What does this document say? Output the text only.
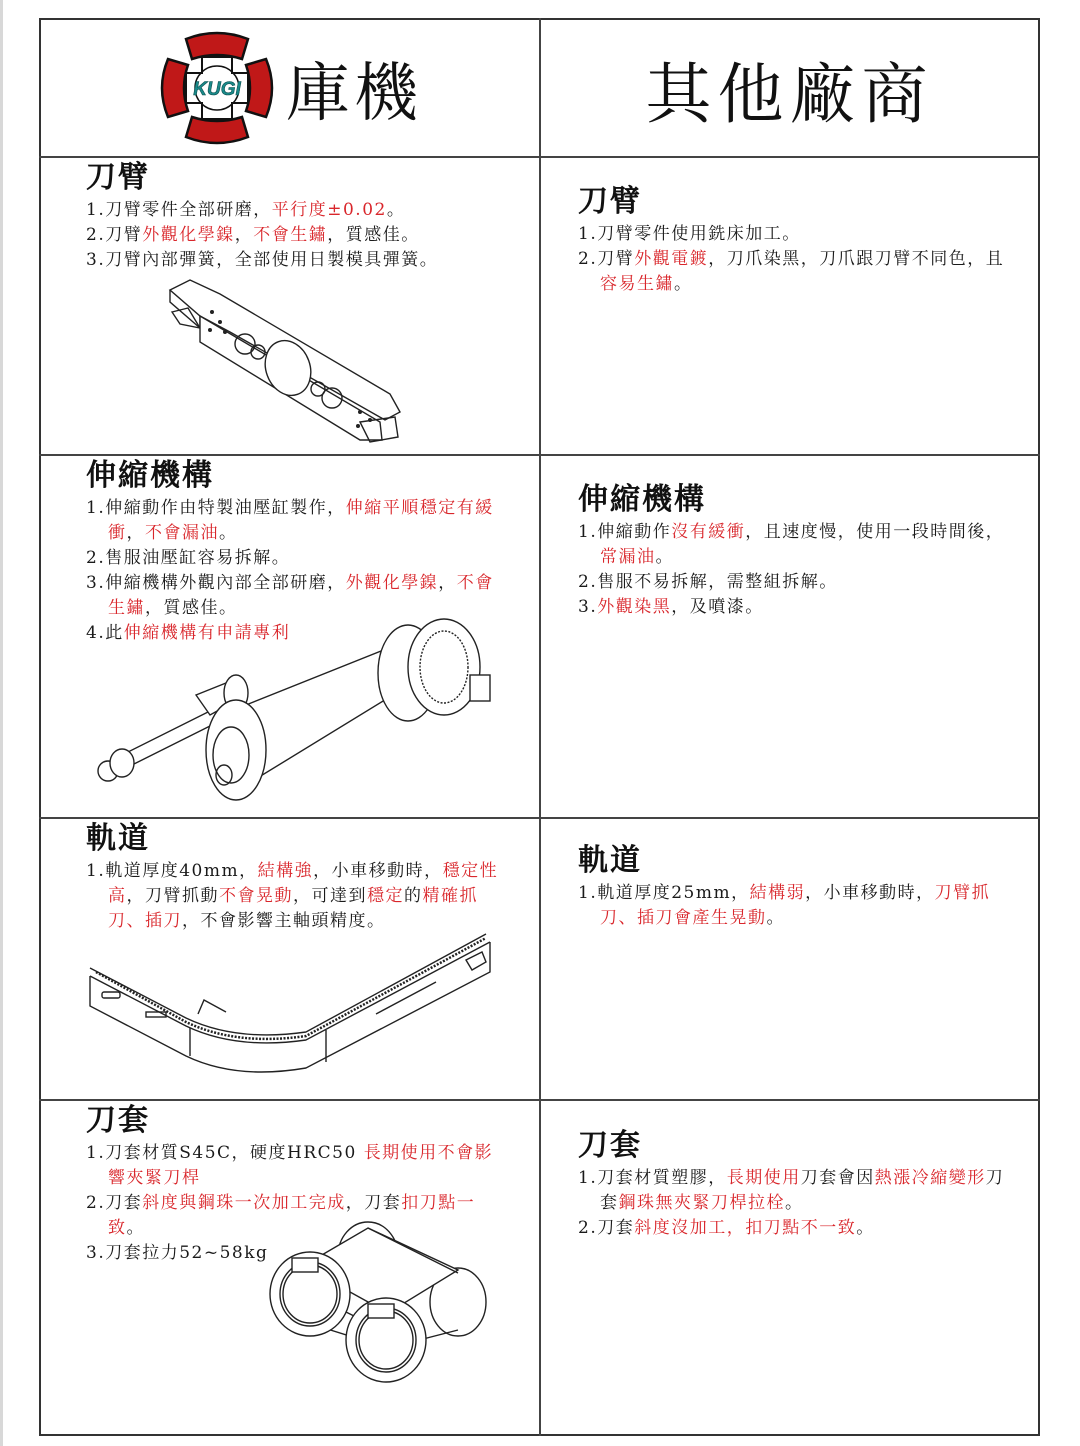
KUGI 庫機	其他廠商
刀臂
1.刀臂零件全部研磨，平行度±0.02。
2.刀臂外觀化學鎳，不會生鏽，質感佳。
3.刀臂內部彈簧，全部使用日製模具彈簧。
刀臂
1.刀臂零件使用銑床加工。
2.刀臂外觀電鍍，刀爪染黑，刀爪跟刀臂不同色，且容易生鏽。
伸縮機構
1.伸縮動作由特製油壓缸製作，伸縮平順穩定有緩衝，不會漏油。
2.售服油壓缸容易拆解。
3.伸縮機構外觀內部全部研磨，外觀化學鎳，不會生鏽，質感佳。
4.此伸縮機構有申請專利
伸縮機構
1.伸縮動作沒有緩衝，且速度慢，使用一段時間後，常漏油。
2.售服不易拆解，需整組拆解。
3.外觀染黑，及噴漆。
軌道
1.軌道厚度40mm，結構強，小車移動時，穩定性高，刀臂抓動不會晃動，可達到穩定的精確抓刀、插刀，不會影響主軸頭精度。
軌道
1.軌道厚度25mm，結構弱，小車移動時，刀臂抓刀、插刀會產生晃動。
刀套
1.刀套材質S45C，硬度HRC50 長期使用不會影響夾緊刀桿
2.刀套斜度與鋼珠一次加工完成，刀套扣刀點一致。
3.刀套拉力52~58kg
刀套
1.刀套材質塑膠，長期使用刀套會因熱漲冷縮變形刀套鋼珠無夾緊刀桿拉栓。
2.刀套斜度沒加工，扣刀點不一致。
